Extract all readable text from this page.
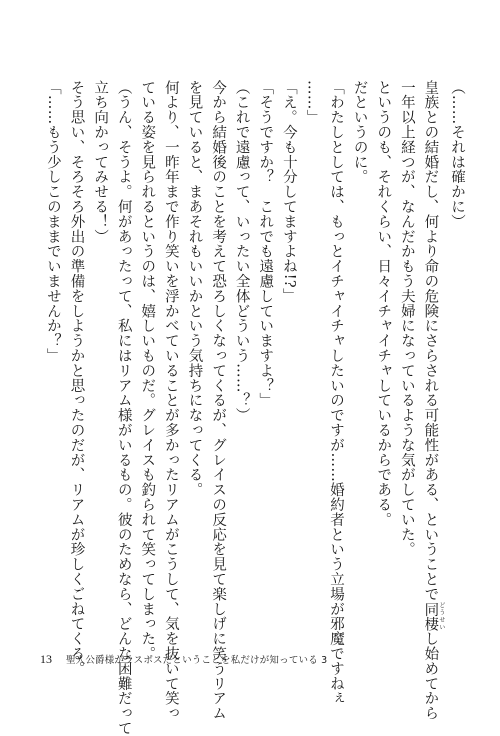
（……それは確かに）
皇族との結婚だし、何より命の危険にさらされる可能性がある、ということで同棲 どうせいし始めてから
一年以上経つが、なんだかもう夫婦になっているような気がしていた。
というのも、それくらい、日々イチャイチャしているからである。
だというのに。
「わたしとしては、もっとイチャイチャしたいのですが……婚約者という立場が邪魔ですねぇ
……」
「え。今も十分してますよね!?」
「そうですか？　これでも遠慮していますよ？」
（これで遠慮って、いったい全体どういう……？）
今から結婚後のことを考えて恐ろしくなってくるが、グレイスの反応を見て楽しげに笑うリアム
を見ていると、まあそれもいいかという気持ちになってくる。
何より、一昨年まで作り笑いを浮かべていることが多かったリアムがこうして、気を抜いて笑っ
ている姿を見られるというのは、嬉しいものだ。グレイスも釣られて笑ってしまった。
（うん、そうよ。何があったって、私にはリアム様がいるもの。彼のためなら、どんな困難だって
立ち向かってみせる！）
そう思い、そろそろ外出の準備をしようかと思ったのだが、リアムが珍しくごねてくる。
「……もう少しこのままでいませんか？」
13 聖人公爵様がラスボスだということを私だけが知っている 3
